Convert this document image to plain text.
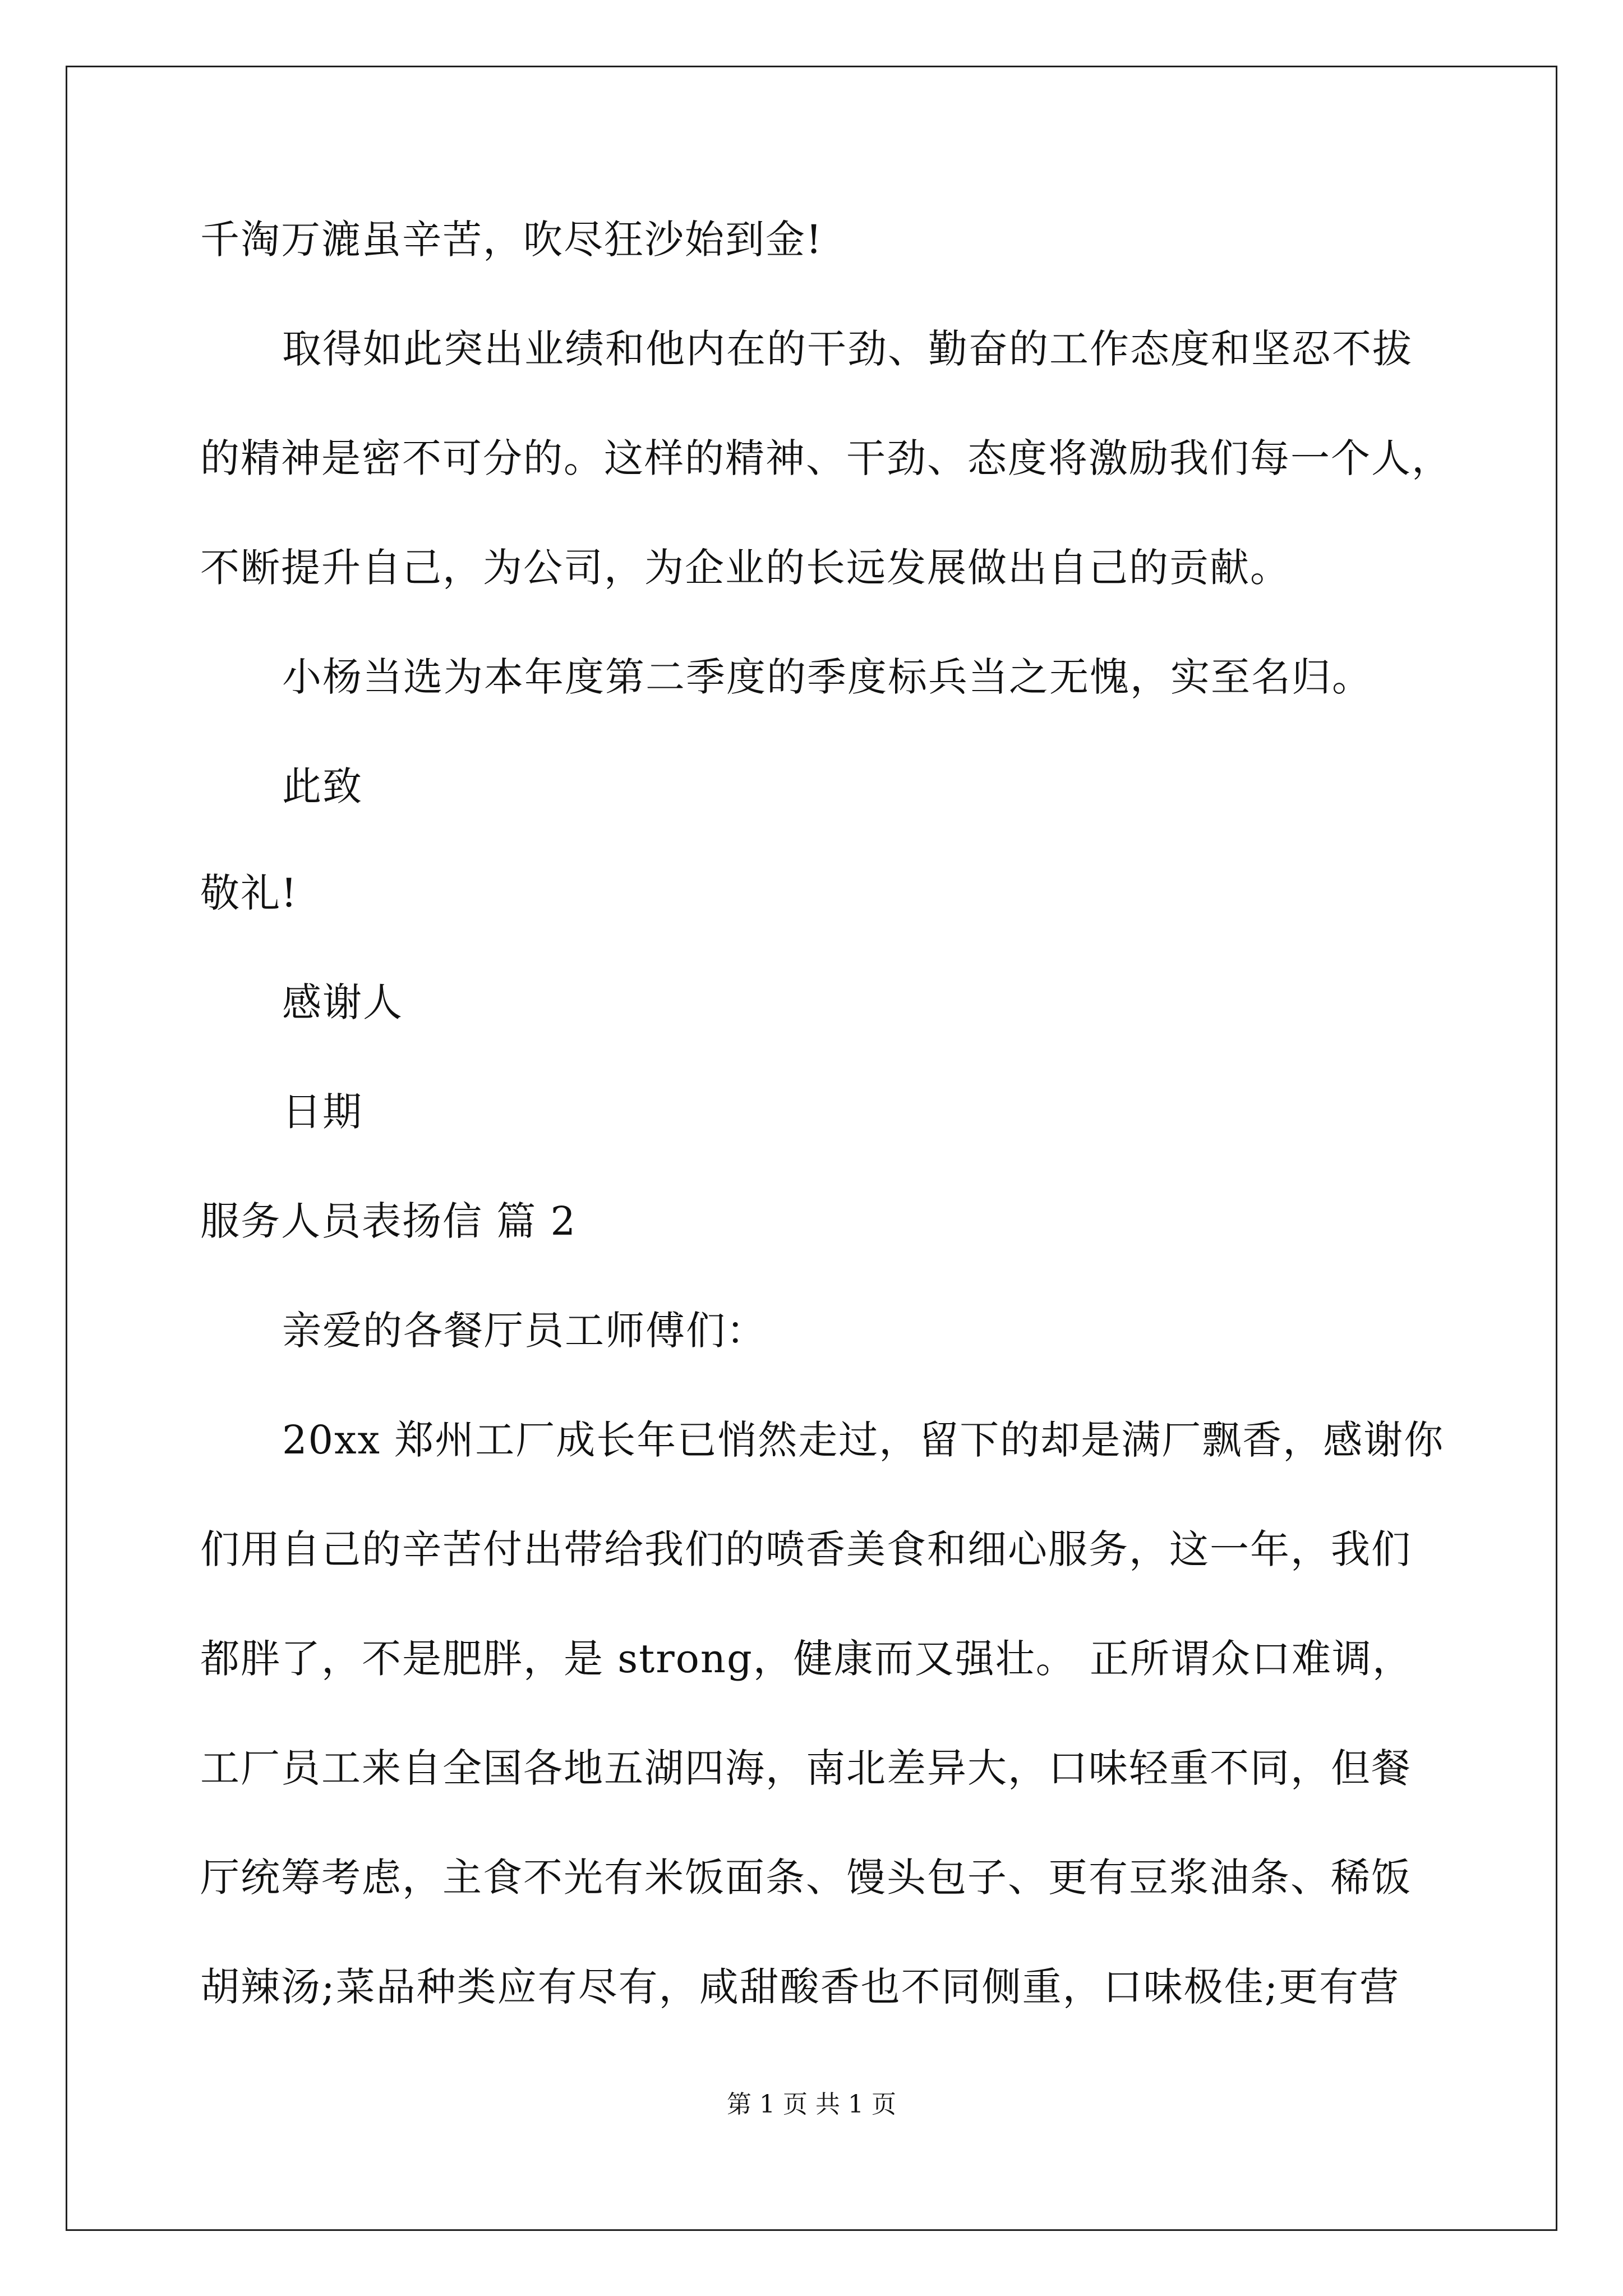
千淘万漉虽辛苦，吹尽狂沙始到金!
取得如此突出业绩和他内在的干劲、勤奋的工作态度和坚忍不拔
的精神是密不可分的。这样的精神、干劲、态度将激励我们每一个人，
不断提升自己，为公司，为企业的长远发展做出自己的贡献。
小杨当选为本年度第二季度的季度标兵当之无愧，实至名归。
此致
敬礼!
感谢人
日期
服务人员表扬信 篇 2
亲爱的各餐厅员工师傅们：
20xx 郑州工厂成长年已悄然走过，留下的却是满厂飘香，感谢你
们用自己的辛苦付出带给我们的喷香美食和细心服务，这一年，我们
都胖了，不是肥胖，是 strong，健康而又强壮。 正所谓众口难调，
工厂员工来自全国各地五湖四海，南北差异大，口味轻重不同，但餐
厅统筹考虑，主食不光有米饭面条、馒头包子、更有豆浆油条、稀饭
胡辣汤;菜品种类应有尽有，咸甜酸香也不同侧重，口味极佳;更有营
第 1 页 共 1 页
